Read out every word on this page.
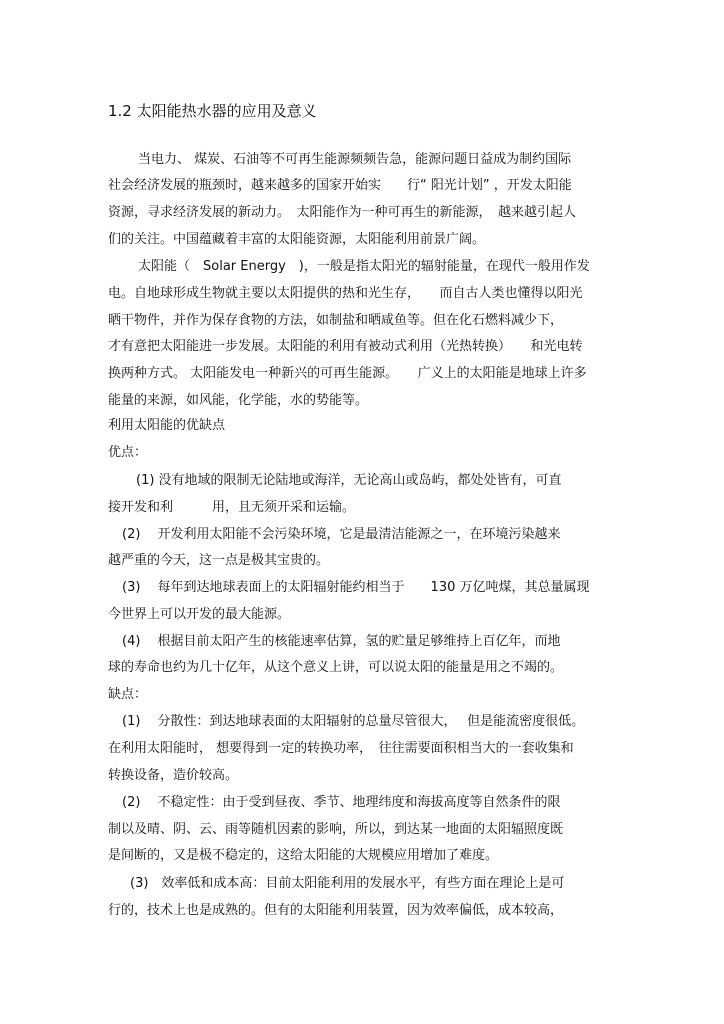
1.2 太阳能热水器的应用及意义
当电力、 煤炭、石油等不可再生能源频频告急，能源问题日益成为制约国际
社会经济发展的瓶颈时，越来越多的国家开始实　　行“ 阳光计划” ，开发太阳能
资源，寻求经济发展的新动力。　太阳能作为一种可再生的新能源，　越来越引起人
们的关注。中国蕴藏着丰富的太阳能资源，太阳能利用前景广阔。
太阳能（　Solar Energy　)，一般是指太阳光的辐射能量，在现代一般用作发
电。自地球形成生物就主要以太阳提供的热和光生存，　　而自古人类也懂得以阳光
晒干物件，并作为保存食物的方法，如制盐和晒咸鱼等。但在化石燃料减少下，
才有意把太阳能进一步发展。太阳能的利用有被动式利用（光热转换）　　和光电转
换两种方式。 太阳能发电一种新兴的可再生能源。　　广义上的太阳能是地球上许多
能量的来源，如风能，化学能，水的势能等。
利用太阳能的优缺点
优点：
(1) 没有地域的限制无论陆地或海洋，无论高山或岛屿，都处处皆有，可直
接开发和利　　　用，且无须开采和运输。
(2)　 开发利用太阳能不会污染环境，它是最清洁能源之一，在环境污染越来
越严重的今天，这一点是极其宝贵的。
(3)　 每年到达地球表面上的太阳辐射能约相当于　　130 万亿吨煤，其总量属现
今世界上可以开发的最大能源。
(4)　 根据目前太阳产生的核能速率估算，氢的贮量足够维持上百亿年，而地
球的寿命也约为几十亿年，从这个意义上讲，可以说太阳的能量是用之不竭的。
缺点：
(1)　 分散性：到达地球表面的太阳辐射的总量尽管很大，　 但是能流密度很低。
在利用太阳能时， 想要得到一定的转换功率，　往往需要面积相当大的一套收集和
转换设备，造价较高。
(2)　 不稳定性：由于受到昼夜、季节、地理纬度和海拔高度等自然条件的限
制以及晴、阴、云、雨等随机因素的影响，所以，到达某一地面的太阳辐照度既
是间断的，又是极不稳定的，这给太阳能的大规模应用增加了难度。
(3)　效率低和成本高：目前太阳能利用的发展水平，有些方面在理论上是可
行的，技术上也是成熟的。但有的太阳能利用装置，因为效率偏低，成本较高，
